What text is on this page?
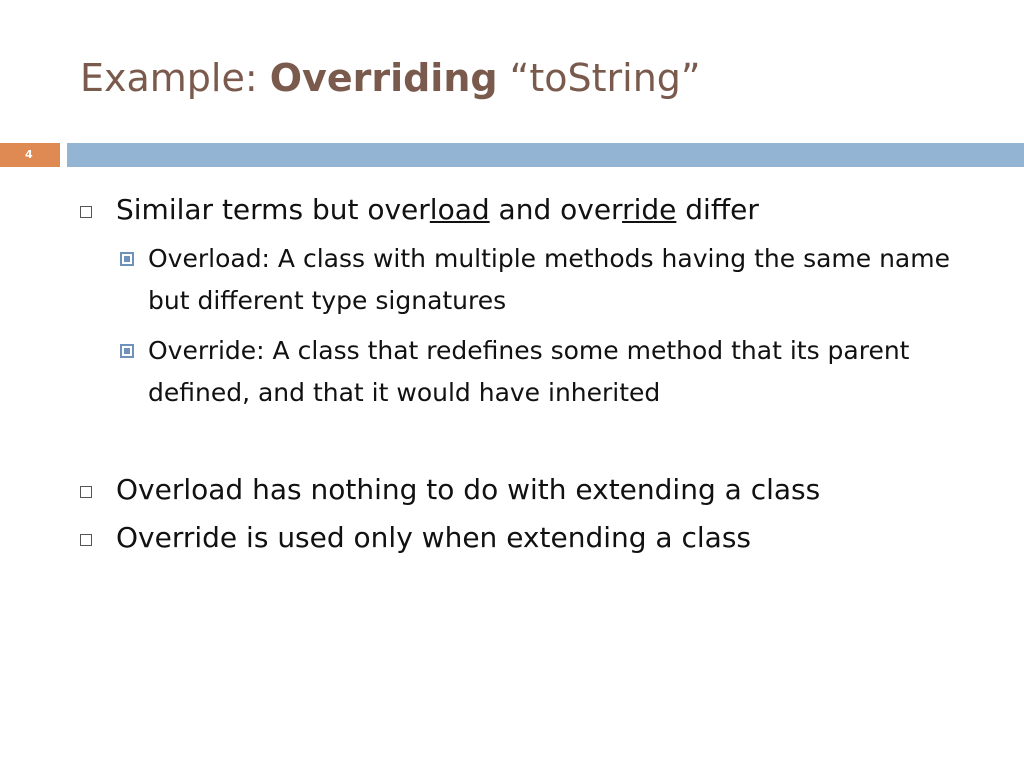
Example: Overriding “toString”
4
Similar terms but overload and override differ
Overload: A class with multiple methods having the same name but different type signatures
Override: A class that redefines some method that its parent defined, and that it would have inherited
Overload has nothing to do with extending a class
Override is used only when extending a class
